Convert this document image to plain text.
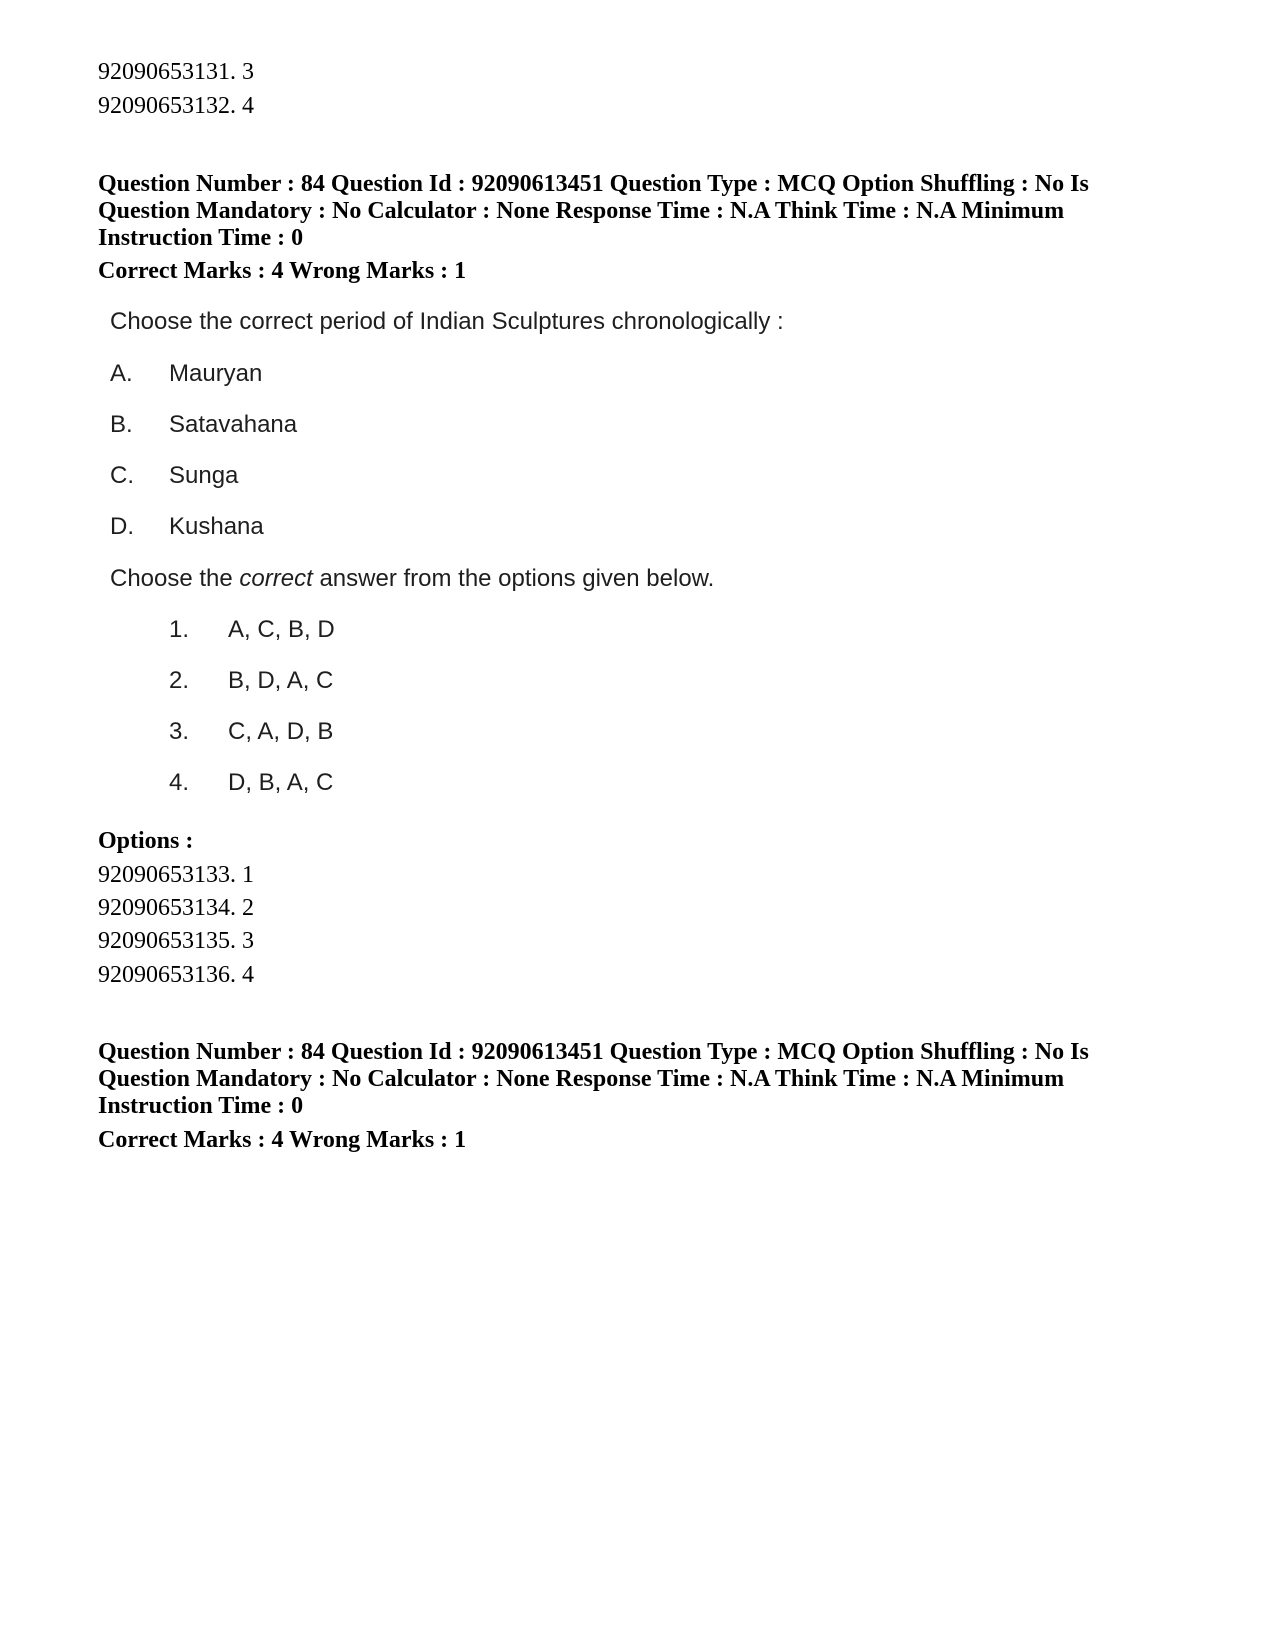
92090653131. 3
92090653132. 4
Question Number : 84 Question Id : 92090613451 Question Type : MCQ Option Shuffling : No Is
Question Mandatory : No Calculator : None Response Time : N.A Think Time : N.A Minimum
Instruction Time : 0
Correct Marks : 4 Wrong Marks : 1
Choose the correct period of Indian Sculptures chronologically :
A. Mauryan
B. Satavahana
C. Sunga
D. Kushana
Choose the correct answer from the options given below.
1. A, C, B, D
2. B, D, A, C
3. C, A, D, B
4. D, B, A, C
Options :
92090653133. 1
92090653134. 2
92090653135. 3
92090653136. 4
Question Number : 84 Question Id : 92090613451 Question Type : MCQ Option Shuffling : No Is
Question Mandatory : No Calculator : None Response Time : N.A Think Time : N.A Minimum
Instruction Time : 0
Correct Marks : 4 Wrong Marks : 1
